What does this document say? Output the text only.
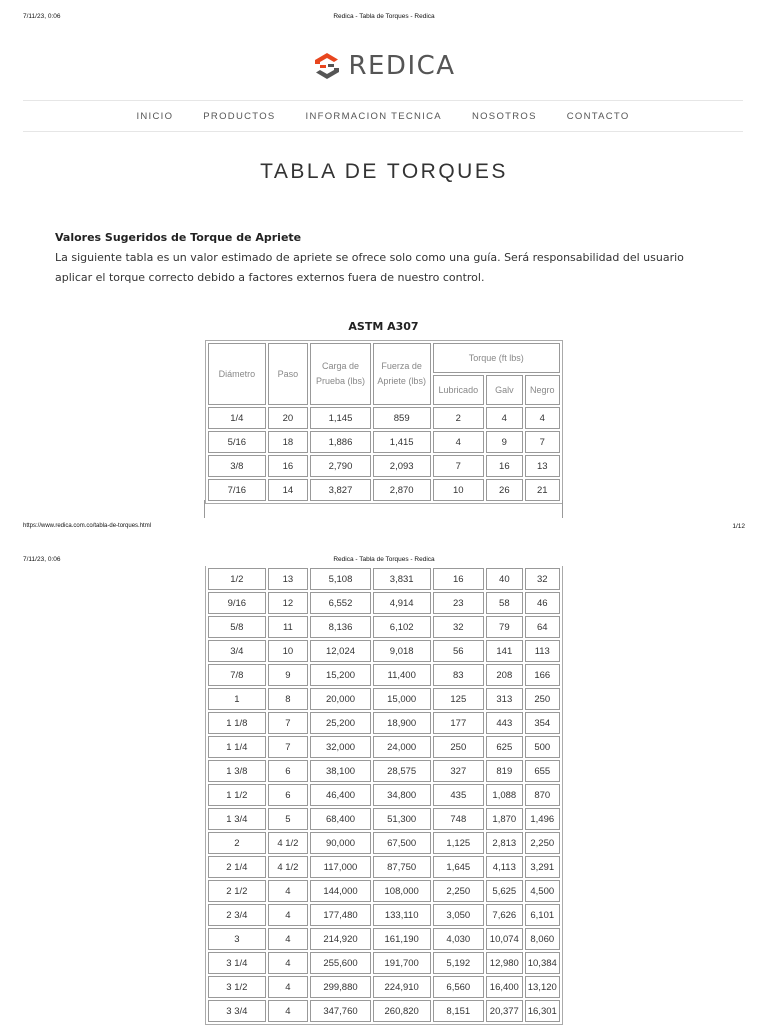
7/11/23, 0:06	Redica - Tabla de Torques - Redica
REDICA
INICIO	PRODUCTOS	INFORMACION TECNICA	NOSOTROS	CONTACTO
TABLA DE TORQUES
Valores Sugeridos de Torque de Apriete
La siguiente tabla es un valor estimado de apriete se ofrece solo como una guía. Será responsabilidad del usuario aplicar el torque correcto debido a factores externos fuera de nuestro control.
ASTM A307
Diámetro	Paso	Carga de Prueba (lbs)	Fuerza de Apriete (lbs)	Torque (ft lbs)		
				Lubricado	Galv	Negro
1/4	20	1,145	859	2	4	4
5/16	18	1,886	1,415	4	9	7
3/8	16	2,790	2,093	7	16	13
7/16	14	3,827	2,870	10	26	21
https://www.redica.com.co/tabla-de-torques.html	1/12
7/11/23, 0:06	Redica - Tabla de Torques - Redica
1/2	13	5,108	3,831	16	40	32
9/16	12	6,552	4,914	23	58	46
5/8	11	8,136	6,102	32	79	64
3/4	10	12,024	9,018	56	141	113
7/8	9	15,200	11,400	83	208	166
1	8	20,000	15,000	125	313	250
1 1/8	7	25,200	18,900	177	443	354
1 1/4	7	32,000	24,000	250	625	500
1 3/8	6	38,100	28,575	327	819	655
1 1/2	6	46,400	34,800	435	1,088	870
1 3/4	5	68,400	51,300	748	1,870	1,496
2	4 1/2	90,000	67,500	1,125	2,813	2,250
2 1/4	4 1/2	117,000	87,750	1,645	4,113	3,291
2 1/2	4	144,000	108,000	2,250	5,625	4,500
2 3/4	4	177,480	133,110	3,050	7,626	6,101
3	4	214,920	161,190	4,030	10,074	8,060
3 1/4	4	255,600	191,700	5,192	12,980	10,384
3 1/2	4	299,880	224,910	6,560	16,400	13,120
3 3/4	4	347,760	260,820	8,151	20,377	16,301
